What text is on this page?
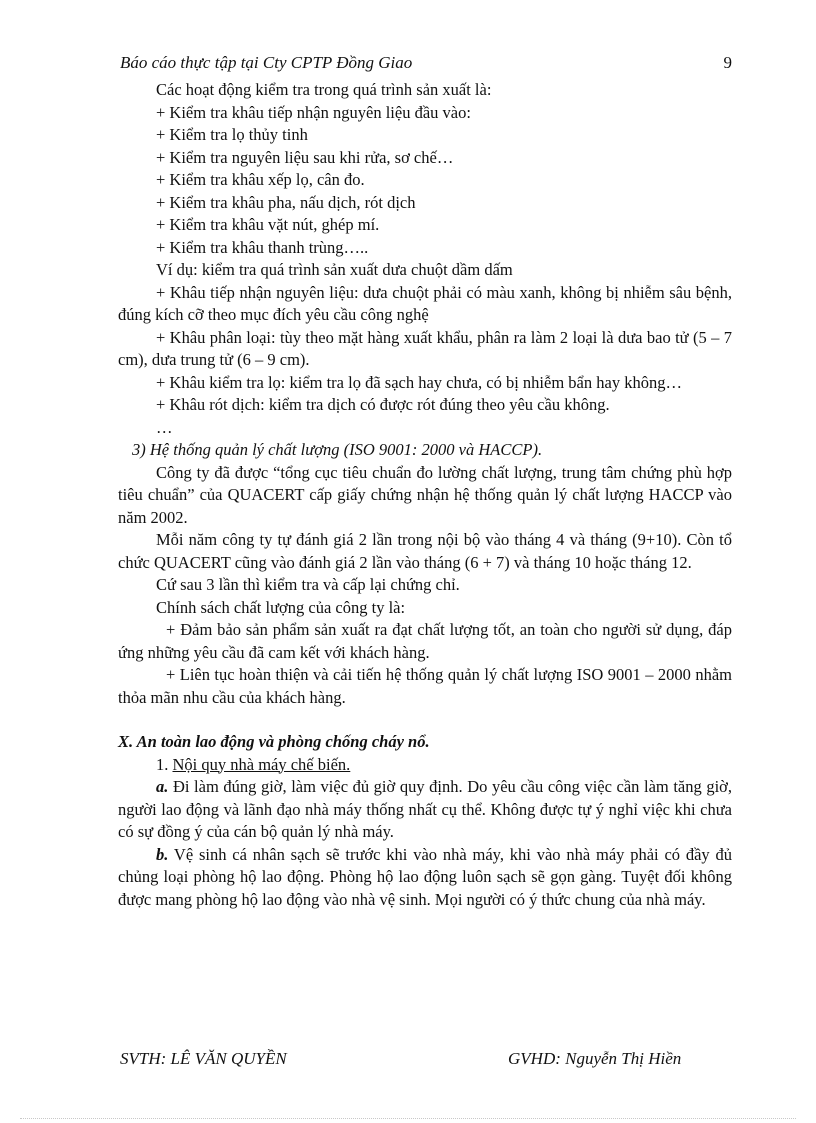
Báo cáo thực tập tại Cty CPTP Đồng Giao	9

Các hoạt động kiểm tra trong quá trình sản xuất là:

+ Kiểm tra khâu tiếp nhận nguyên liệu đầu vào:

+ Kiểm tra lọ thủy tinh

+ Kiểm tra nguyên liệu sau khi rửa, sơ chế…

+ Kiểm tra khâu xếp lọ, cân đo.

+ Kiểm tra khâu pha, nấu dịch, rót dịch

+ Kiểm tra khâu vặt nút, ghép mí.

+ Kiểm tra khâu thanh trùng…..

Ví dụ: kiểm tra quá trình sản xuất dưa chuột dầm dấm

+ Khâu tiếp nhận nguyên liệu: dưa chuột phải có màu xanh, không bị nhiễm sâu bệnh, đúng kích cỡ theo mục đích yêu cầu công nghệ

+ Khâu phân loại: tùy theo mặt hàng xuất khẩu, phân ra làm 2 loại là dưa bao tử (5 – 7 cm), dưa trung tử (6 – 9 cm).

+ Khâu kiểm tra lọ: kiểm tra lọ đã sạch hay chưa, có bị nhiễm bẩn hay không…

+ Khâu rót dịch: kiểm tra dịch có được rót đúng theo yêu cầu không.

…

3) Hệ thống quản lý chất lượng (ISO 9001: 2000 và HACCP).

Công ty đã được “tổng cục tiêu chuẩn đo lường chất lượng, trung tâm chứng phù hợp tiêu chuẩn” của QUACERT cấp giấy chứng nhận hệ thống quản lý chất lượng HACCP vào năm 2002.

Mỗi năm công ty tự đánh giá 2 lần trong nội bộ vào tháng 4 và tháng (9+10). Còn tổ chức QUACERT cũng vào đánh giá 2 lần vào tháng (6 + 7) và tháng 10 hoặc tháng 12.

Cứ sau 3 lần thì kiểm tra và cấp lại chứng chỉ.

Chính sách chất lượng của công ty là:

+ Đảm bảo sản phẩm sản xuất ra đạt chất lượng tốt, an toàn cho người sử dụng, đáp ứng những yêu cầu đã cam kết với khách hàng.

+ Liên tục hoàn thiện và cải tiến hệ thống quản lý chất lượng ISO 9001 – 2000 nhằm thỏa mãn nhu cầu của khách hàng.

X. An toàn lao động và phòng chống cháy nổ.

1. Nội quy nhà máy chế biến.

a. Đi làm đúng giờ, làm việc đủ giờ quy định. Do yêu cầu công việc cần làm tăng giờ, người lao động và lãnh đạo nhà máy thống nhất cụ thể. Không được tự ý nghỉ việc khi chưa có sự đồng ý của cán bộ quản lý nhà máy.

b. Vệ sinh cá nhân sạch sẽ trước khi vào nhà máy, khi vào nhà máy phải có đầy đủ chủng loại phòng hộ lao động. Phòng hộ lao động luôn sạch sẽ gọn gàng. Tuyệt đối không được mang phòng hộ lao động vào nhà vệ sinh. Mọi người có ý thức chung của nhà máy.

SVTH: LÊ VĂN QUYỀN	GVHD: Nguyễn Thị Hiền
